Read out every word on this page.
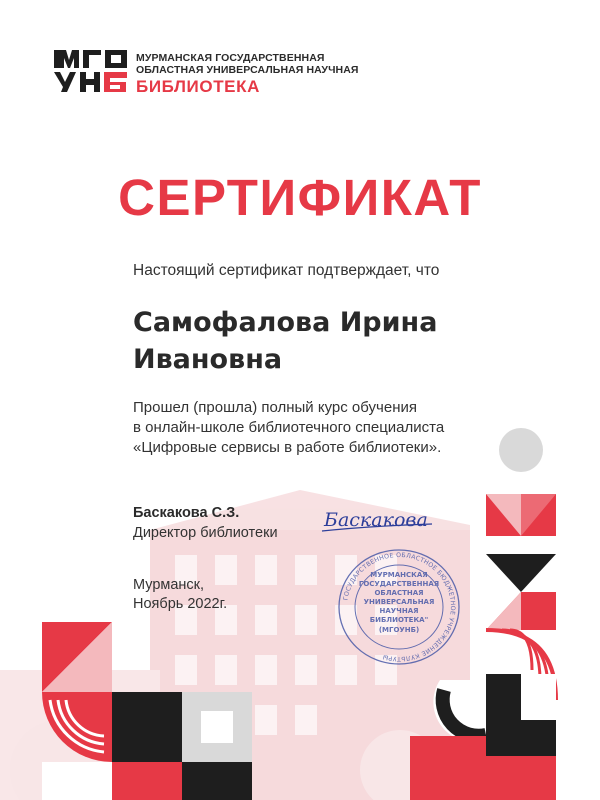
МУРМАНСКАЯ ГОСУДАРСТВЕННАЯ
ОБЛАСТНАЯ УНИВЕРСАЛЬНАЯ НАУЧНАЯ
БИБЛИОТЕКА
СЕРТИФИКАТ
Настоящий сертификат подтверждает, что
Самофалова Ирина
Ивановна
Прошел (прошла) полный курс обучения
в онлайн-школе библиотечного специалиста
«Цифровые сервисы в работе библиотеки».
Баскакова С.З.
Директор библиотеки
Баскакова
Мурманск,
Ноябрь 2022г.	ГОСУДАРСТВЕННОЕ ОБЛАСТНОЕ БЮДЖЕТНОЕ УЧРЕЖДЕНИЕ КУЛЬТУРЫ
МУРМАНСКАЯ
ГОСУДАРСТВЕННАЯ
ОБЛАСТНАЯ
УНИВЕРСАЛЬНАЯ
НАУЧНАЯ
БИБЛИОТЕКА"
(МГОУНБ)
